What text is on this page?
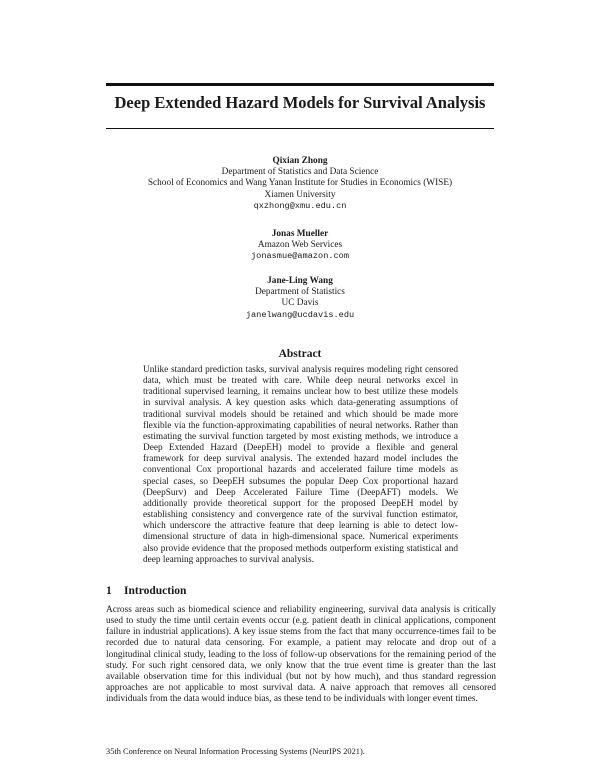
Deep Extended Hazard Models for Survival Analysis
Qixian Zhong
Department of Statistics and Data Science
School of Economics and Wang Yanan Institute for Studies in Economics (WISE)
Xiamen University
qxzhong@xmu.edu.cn
Jonas Mueller
Amazon Web Services
jonasmue@amazon.com
Jane-Ling Wang
Department of Statistics
UC Davis
janelwang@ucdavis.edu
Abstract

Unlike standard prediction tasks, survival analysis requires modeling right censored data, which must be treated with care. While deep neural networks excel in traditional supervised learning, it remains unclear how to best utilize these models in survival analysis. A key question asks which data-generating assumptions of traditional survival models should be retained and which should be made more flexible via the function-approximating capabilities of neural networks. Rather than estimating the survival function targeted by most existing methods, we introduce a Deep Extended Hazard (DeepEH) model to provide a flexible and general framework for deep survival analysis. The extended hazard model includes the conventional Cox proportional hazards and accelerated failure time models as special cases, so DeepEH subsumes the popular Deep Cox proportional hazard (DeepSurv) and Deep Accelerated Failure Time (DeepAFT) models. We additionally provide theoretical support for the proposed DeepEH model by establishing consistency and convergence rate of the survival function estimator, which underscore the attractive feature that deep learning is able to detect low-dimensional structure of data in high-dimensional space. Numerical experiments also provide evidence that the proposed methods outperform existing statistical and deep learning approaches to survival analysis.

1 Introduction

Across areas such as biomedical science and reliability engineering, survival data analysis is critically used to study the time until certain events occur (e.g. patient death in clinical applications, component failure in industrial applications). A key issue stems from the fact that many occurrence-times fail to be recorded due to natural data censoring. For example, a patient may relocate and drop out of a longitudinal clinical study, leading to the loss of follow-up observations for the remaining period of the study. For such right censored data, we only know that the true event time is greater than the last available observation time for this individual (but not by how much), and thus standard regression approaches are not applicable to most survival data. A naive approach that removes all censored individuals from the data would induce bias, as these tend to be individuals with longer event times.

35th Conference on Neural Information Processing Systems (NeurIPS 2021).
